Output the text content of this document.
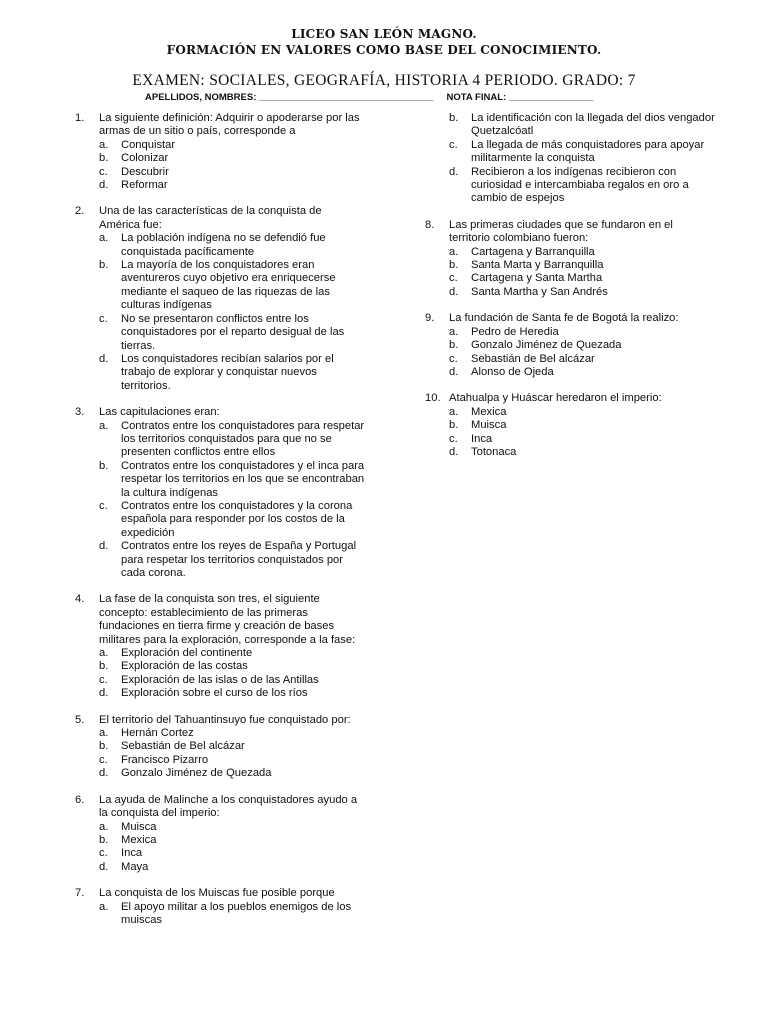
LICEO SAN LEÓN MAGNO.
FORMACIÓN EN VALORES COMO BASE DEL CONOCIMIENTO.
EXAMEN: SOCIALES, GEOGRAFÍA, HISTORIA 4 PERIODO. GRADO: 7
APELLIDOS, NOMBRES: _________________________________     NOTA FINAL: ________________
1. La siguiente definición: Adquirir o apoderarse por las armas de un sitio o país, corresponde a
a. Conquistar
b. Colonizar
c. Descubrir
d. Reformar
2. Una de las características de la conquista de América fue:
a. La población indígena no se defendió fue conquistada pacíficamente
b. La mayoría de los conquistadores eran aventureros cuyo objetivo era enriquecerse mediante el saqueo de las riquezas de las culturas indígenas
c. No se presentaron conflictos entre los conquistadores por el reparto desigual de las tierras.
d. Los conquistadores recibían salarios por el trabajo de explorar y conquistar nuevos territorios.
3. Las capitulaciones eran:
a. Contratos entre los conquistadores para respetar los territorios conquistados para que no se presenten conflictos entre ellos
b. Contratos entre los conquistadores y el inca para respetar los territorios en los que se encontraban la cultura indígenas
c. Contratos entre los conquistadores y la corona española para responder por los costos de la expedición
d. Contratos entre los reyes de España y Portugal para respetar los territorios conquistados por cada corona.
4. La fase de la conquista son tres, el siguiente concepto: establecimiento de las primeras fundaciones en tierra firme y creación de bases militares para la exploración, corresponde a la fase:
a. Exploración del continente
b. Exploración de las costas
c. Exploración de las islas o de las Antillas
d. Exploración sobre el curso de los ríos
5. El territorio del Tahuantinsuyo fue conquistado por:
a. Hernán Cortez
b. Sebastián de Bel alcázar
c. Francisco Pizarro
d. Gonzalo Jiménez de Quezada
6. La ayuda de Malinche a los conquistadores ayudo a la conquista del imperio:
a. Muisca
b. Mexica
c. Inca
d. Maya
7. La conquista de los Muiscas fue posible porque
a. El apoyo militar a los pueblos enemigos de los muiscas
b. La identificación con la llegada del dios vengador Quetzalcóatl
c. La llegada de más conquistadores para apoyar militarmente la conquista
d. Recibieron a los indígenas recibieron con curiosidad e intercambiaba regalos en oro a cambio de espejos
8. Las primeras ciudades que se fundaron en el territorio colombiano fueron:
a. Cartagena y Barranquilla
b. Santa Marta y Barranquilla
c. Cartagena y Santa Martha
d. Santa Martha y San Andrés
9. La fundación de Santa fe de Bogotá la realizo:
a. Pedro de Heredia
b. Gonzalo Jiménez de Quezada
c. Sebastián de Bel alcázar
d. Alonso de Ojeda
10. Atahualpa y Huáscar heredaron el imperio:
a. Mexica
b. Muisca
c. Inca
d. Totonaca
